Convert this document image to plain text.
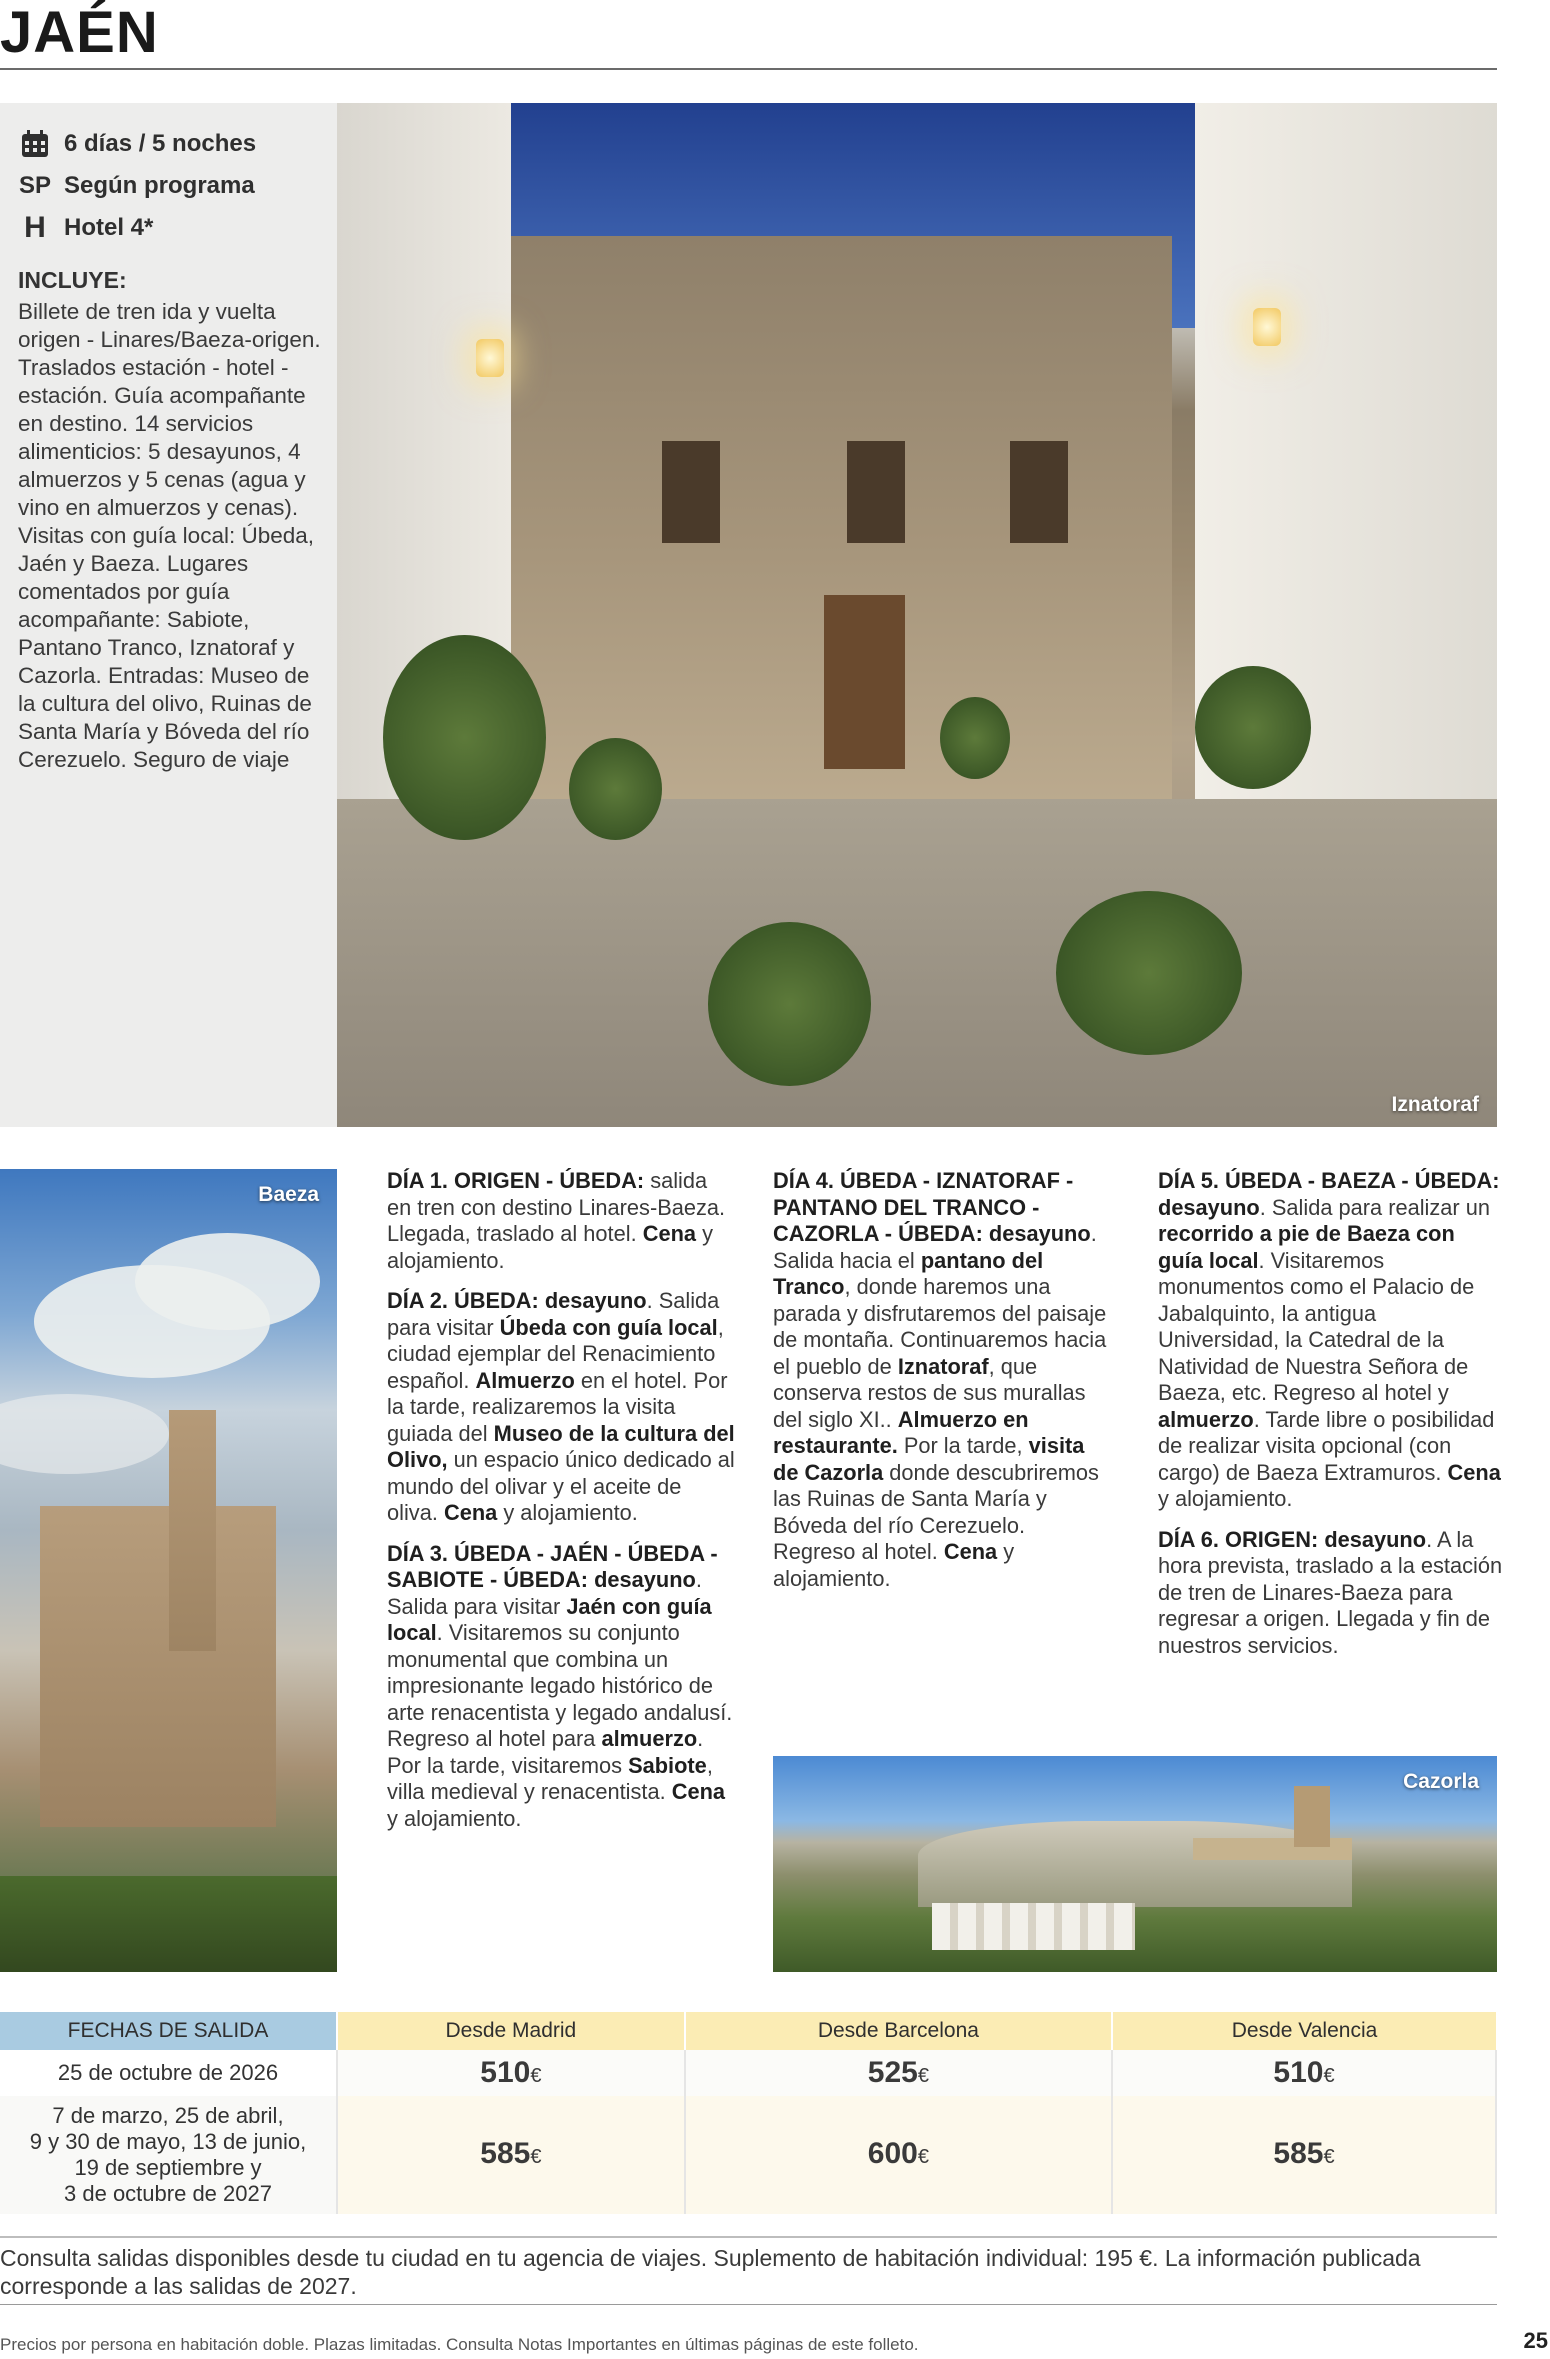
JAÉN
6 días / 5 noches
SP Según programa
H Hotel 4*
INCLUYE:
Billete de tren ida y vuelta origen - Linares/Baeza-origen. Traslados estación - hotel - estación. Guía acompañante en destino. 14 servicios alimenticios: 5 desayunos, 4 almuerzos y 5 cenas (agua y vino en almuerzos y cenas). Visitas con guía local: Úbeda, Jaén y Baeza. Lugares comentados por guía acompañante: Sabiote, Pantano Tranco, Iznatoraf y Cazorla. Entradas: Museo de la cultura del olivo, Ruinas de Santa María y Bóveda del río Cerezuelo. Seguro de viaje
Iznatoraf
Baeza
Cazorla

DÍA 1. ORIGEN - ÚBEDA: salida en tren con destino Linares-Baeza. Llegada, traslado al hotel. Cena y alojamiento.

DÍA 2. ÚBEDA: desayuno. Salida para visitar Úbeda con guía local, ciudad ejemplar del Renacimiento español. Almuerzo en el hotel. Por la tarde, realizaremos la visita guiada del Museo de la cultura del Olivo, un espacio único dedicado al mundo del olivar y el aceite de oliva. Cena y alojamiento.

DÍA 3. ÚBEDA - JAÉN - ÚBEDA - SABIOTE - ÚBEDA: desayuno. Salida para visitar Jaén con guía local. Visitaremos su conjunto monumental que combina un impresionante legado histórico de arte renacentista y legado andalusí. Regreso al hotel para almuerzo. Por la tarde, visitaremos Sabiote, villa medieval y renacentista. Cena y alojamiento.

DÍA 4. ÚBEDA - IZNATORAF - PANTANO DEL TRANCO - CAZORLA - ÚBEDA: desayuno. Salida hacia el pantano del Tranco, donde haremos una parada y disfrutaremos del paisaje de montaña. Continuaremos hacia el pueblo de Iznatoraf, que conserva restos de sus murallas del siglo XI.. Almuerzo en restaurante. Por la tarde, visita de Cazorla donde descubriremos las Ruinas de Santa María y Bóveda del río Cerezuelo. Regreso al hotel. Cena y alojamiento.

DÍA 5. ÚBEDA - BAEZA - ÚBEDA: desayuno. Salida para realizar un recorrido a pie de Baeza con guía local. Visitaremos monumentos como el Palacio de Jabalquinto, la antigua Universidad, la Catedral de la Natividad de Nuestra Señora de Baeza, etc. Regreso al hotel y almuerzo. Tarde libre o posibilidad de realizar visita opcional (con cargo) de Baeza Extramuros. Cena y alojamiento.

DÍA 6. ORIGEN: desayuno. A la hora prevista, traslado a la estación de tren de Linares-Baeza para regresar a origen. Llegada y fin de nuestros servicios.

FECHAS DE SALIDA	Desde Madrid	Desde Barcelona	Desde Valencia
25 de octubre de 2026	510€	525€	510€

7 de marzo, 25 de abril,
9 y 30 de mayo, 13 de junio,
19 de septiembre y
3 de octubre de 2027	585€	600€	585€
Consulta salidas disponibles desde tu ciudad en tu agencia de viajes. Suplemento de habitación individual: 195 €. La información publicada corresponde a las salidas de 2027.
Precios por persona en habitación doble. Plazas limitadas. Consulta Notas Importantes en últimas páginas de este folleto.	25
